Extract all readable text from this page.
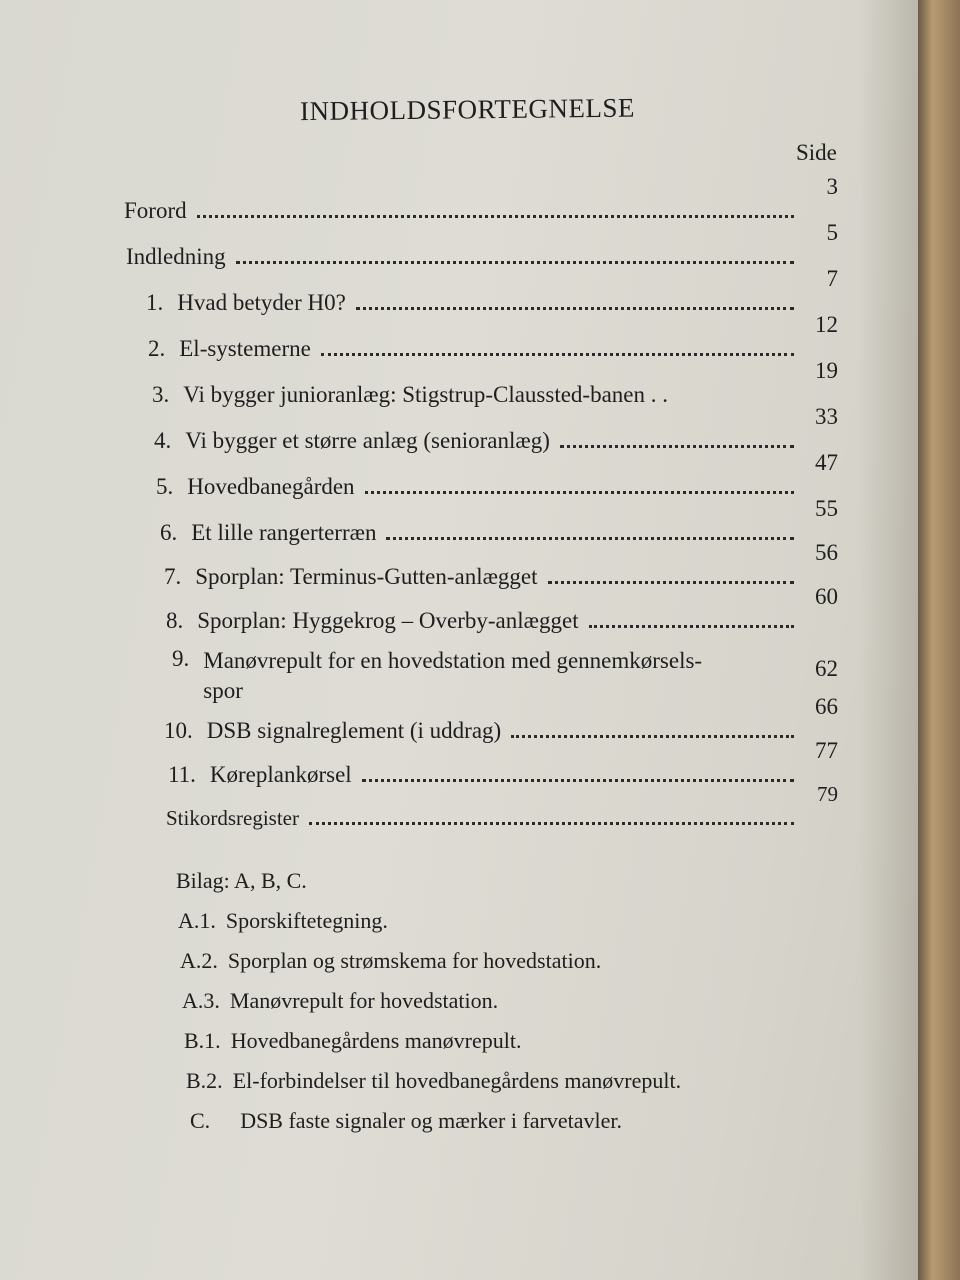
INDHOLDSFORTEGNELSE
Side
Forord
3
Indledning
5
1. Hvad betyder H0?
7
2. El-systemerne
12
3. Vi bygger junioranlæg: Stigstrup-Claussted-banen . .
19
4. Vi bygger et større anlæg (senioranlæg)
33
5. Hovedbanegården
47
6. Et lille rangerterræn
55
7. Sporplan: Terminus-Gutten-anlægget
56
8. Sporplan: Hyggekrog – Overby-anlægget
60
9. Manøvrepult for en hovedstation med gennemkørsels-
spor
62
10. DSB signalreglement (i uddrag)
66
11. Køreplankørsel
77
Stikordsregister
79
Bilag: A, B, C.
A.1. Sporskiftetegning.
A.2. Sporplan og strømskema for hovedstation.
A.3. Manøvrepult for hovedstation.
B.1. Hovedbanegårdens manøvrepult.
B.2. El-forbindelser til hovedbanegårdens manøvrepult.
C. DSB faste signaler og mærker i farvetavler.
